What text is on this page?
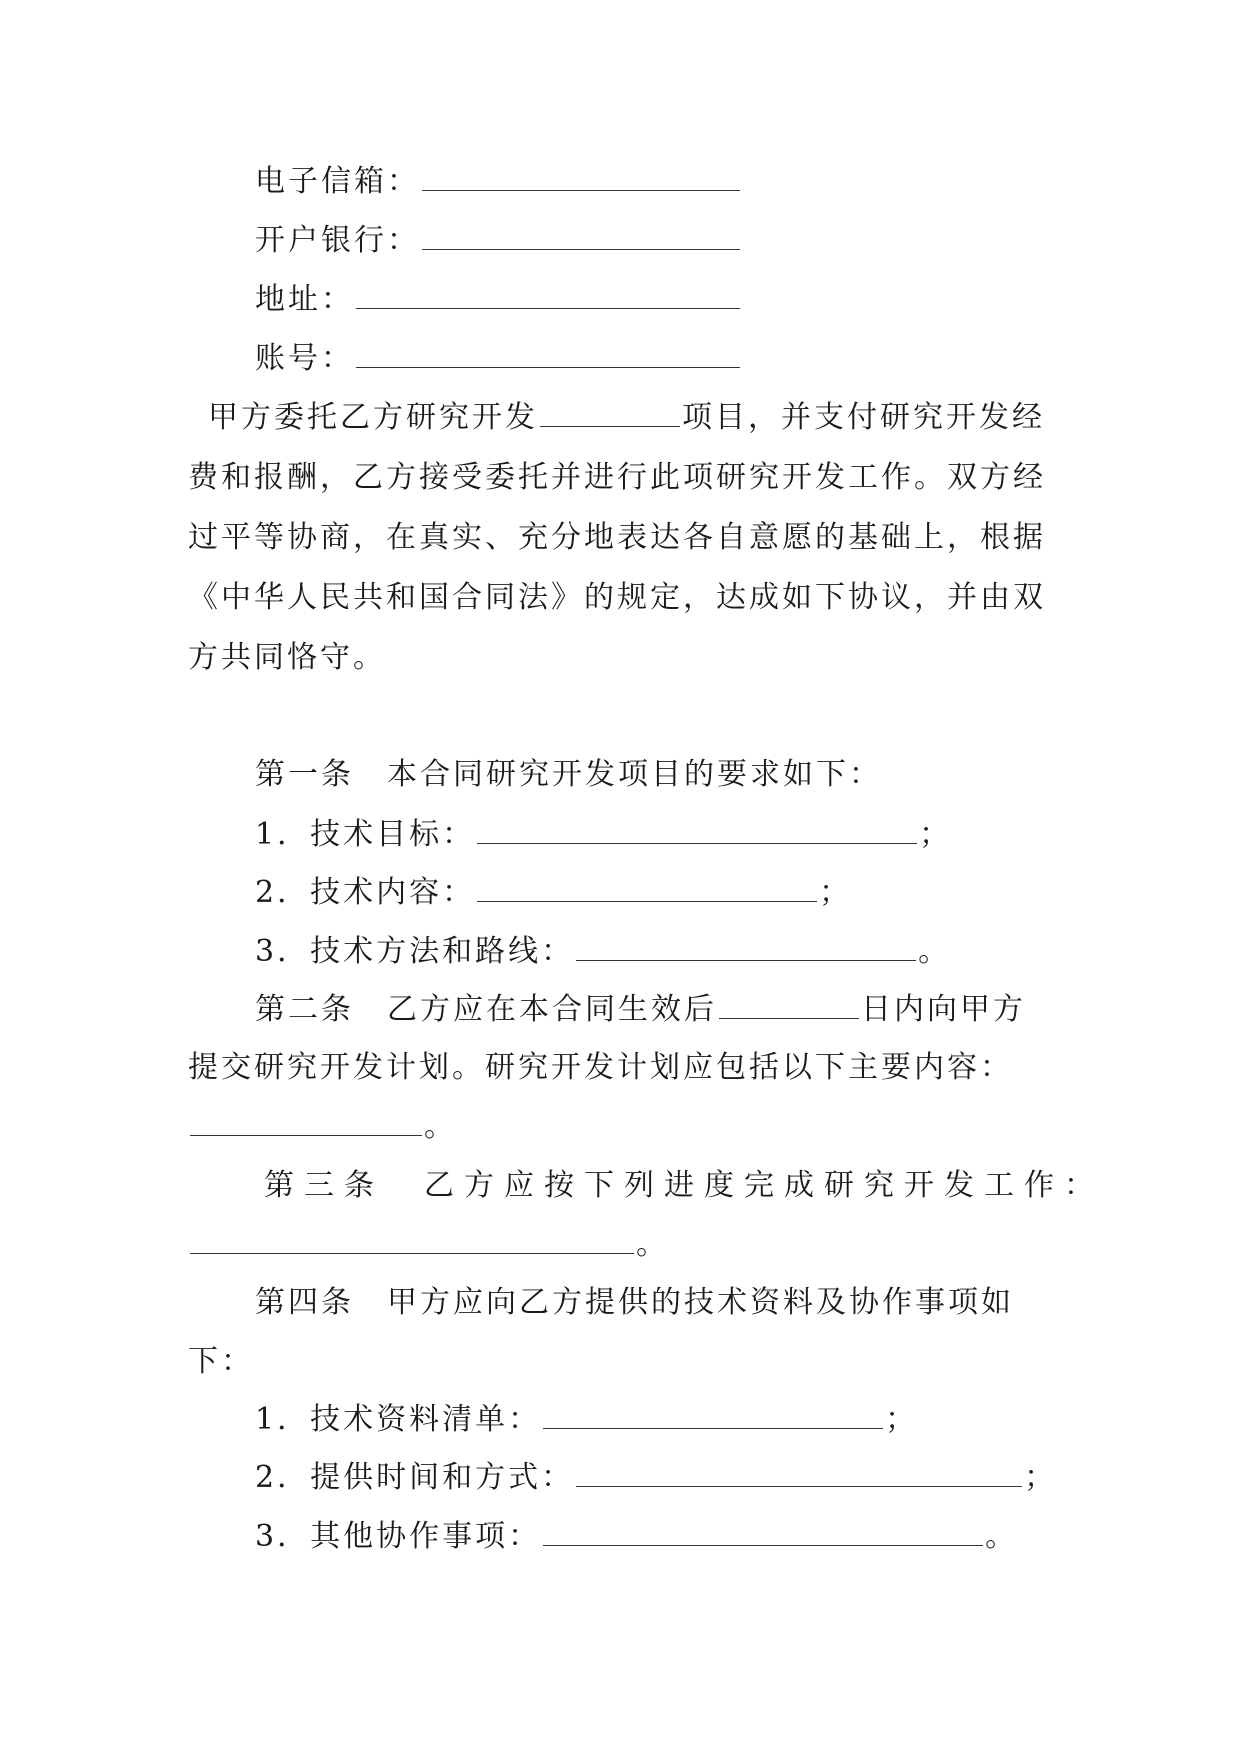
电子信箱：
开户银行：
地址：
账号：
甲方委托乙方研究开发	项目，并支付研究开发经
费和报酬，乙方接受委托并进行此项研究开发工作。双方经
过平等协商，在真实、充分地表达各自意愿的基础上，根据
《中华人民共和国合同法》的规定，达成如下协议，并由双
方共同恪守。
第一条　本合同研究开发项目的要求如下：
1．技术目标：	；
2．技术内容：	；
3．技术方法和路线：	。
第二条　乙方应在本合同生效后	日内向甲方
提交研究开发计划。研究开发计划应包括以下主要内容：
。
第三条　乙方应按下列进度完成研究开发工作：
。
第四条　甲方应向乙方提供的技术资料及协作事项如
下：
1．技术资料清单：	；
2．提供时间和方式：	；
3．其他协作事项：	。
